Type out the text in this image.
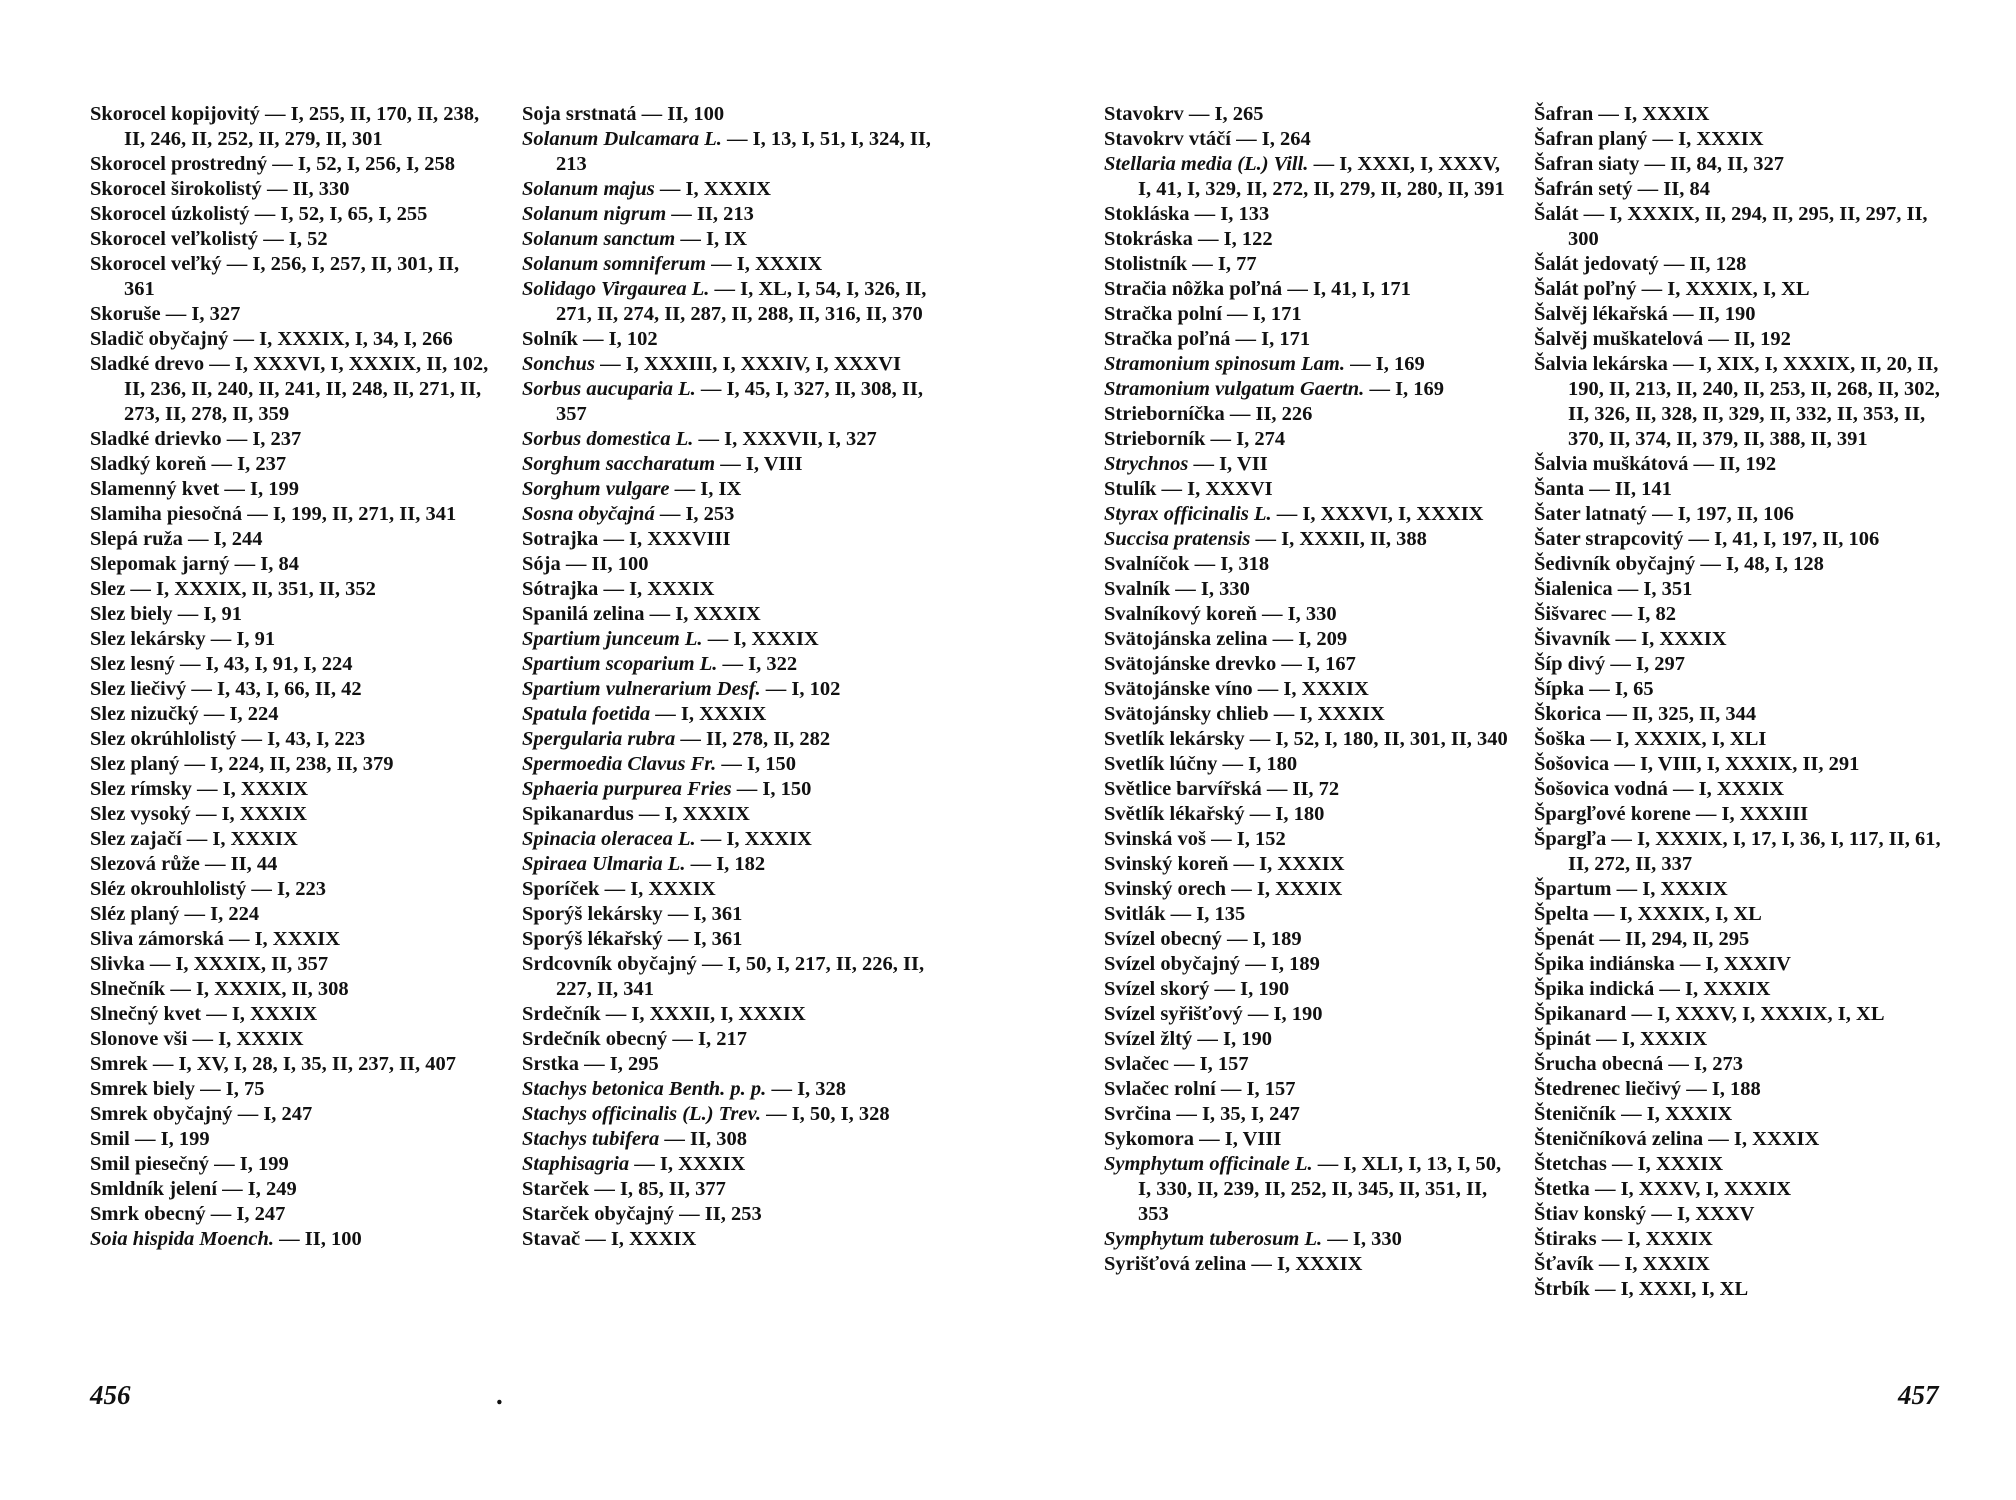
Skorocel kopijovitý — I, 255, II, 170, II, 238, II, 246, II, 252, II, 279, II, 301
Skorocel prostredný — I, 52, I, 256, I, 258
Skorocel širokolistý — II, 330
Skorocel úzkolistý — I, 52, I, 65, I, 255
Skorocel veľkolistý — I, 52
Skorocel veľký — I, 256, I, 257, II, 301, II, 361
Skoruše — I, 327
Sladič obyčajný — I, XXXIX, I, 34, I, 266
Sladké drevo — I, XXXVI, I, XXXIX, II, 102, II, 236, II, 240, II, 241, II, 248, II, 271, II, 273, II, 278, II, 359
Sladké drievko — I, 237
Sladký koreň — I, 237
Slamenný kvet — I, 199
Slamiha piesočná — I, 199, II, 271, II, 341
Slepá ruža — I, 244
Slepomak jarný — I, 84
Slez — I, XXXIX, II, 351, II, 352
Slez biely — I, 91
Slez lekársky — I, 91
Slez lesný — I, 43, I, 91, I, 224
Slez liečivý — I, 43, I, 66, II, 42
Slez nizučký — I, 224
Slez okrúhlolistý — I, 43, I, 223
Slez planý — I, 224, II, 238, II, 379
Slez rímsky — I, XXXIX
Slez vysoký — I, XXXIX
Slez zajačí — I, XXXIX
Slezová růže — II, 44
Sléz okrouhlolistý — I, 223
Sléz planý — I, 224
Sliva zámorská — I, XXXIX
Slivka — I, XXXIX, II, 357
Slnečník — I, XXXIX, II, 308
Slnečný kvet — I, XXXIX
Slonove vši — I, XXXIX
Smrek — I, XV, I, 28, I, 35, II, 237, II, 407
Smrek biely — I, 75
Smrek obyčajný — I, 247
Smil — I, 199
Smil piesečný — I, 199
Smldník jelení — I, 249
Smrk obecný — I, 247
Soia hispida Moench. — II, 100
Soja srstnatá — II, 100
Solanum Dulcamara L. — I, 13, I, 51, I, 324, II, 213
Solanum majus — I, XXXIX
Solanum nigrum — II, 213
Solanum sanctum — I, IX
Solanum somniferum — I, XXXIX
Solidago Virgaurea L. — I, XL, I, 54, I, 326, II, 271, II, 274, II, 287, II, 288, II, 316, II, 370
Solník — I, 102
Sonchus — I, XXXIII, I, XXXIV, I, XXXVI
Sorbus aucuparia L. — I, 45, I, 327, II, 308, II, 357
Sorbus domestica L. — I, XXXVII, I, 327
Sorghum saccharatum — I, VIII
Sorghum vulgare — I, IX
Sosna obyčajná — I, 253
Sotrajka — I, XXXVIII
Sója — II, 100
Sótrajka — I, XXXIX
Spanilá zelina — I, XXXIX
Spartium junceum L. — I, XXXIX
Spartium scoparium L. — I, 322
Spartium vulnerarium Desf. — I, 102
Spatula foetida — I, XXXIX
Spergularia rubra — II, 278, II, 282
Spermoedia Clavus Fr. — I, 150
Sphaeria purpurea Fries — I, 150
Spikanardus — I, XXXIX
Spinacia oleracea L. — I, XXXIX
Spiraea Ulmaria L. — I, 182
Sporíček — I, XXXIX
Sporýš lekársky — I, 361
Sporýš lékařský — I, 361
Srdcovník obyčajný — I, 50, I, 217, II, 226, II, 227, II, 341
Srdečník — I, XXXII, I, XXXIX
Srdečník obecný — I, 217
Srstka — I, 295
Stachys betonica Benth. p. p. — I, 328
Stachys officinalis (L.) Trev. — I, 50, I, 328
Stachys tubifera — II, 308
Staphisagria — I, XXXIX
Starček — I, 85, II, 377
Starček obyčajný — II, 253
Stavač — I, XXXIX
Stavokrv — I, 265
Stavokrv vtáčí — I, 264
Stellaria media (L.) Vill. — I, XXXI, I, XXXV, I, 41, I, 329, II, 272, II, 279, II, 280, II, 391
Stokláska — I, 133
Stokráska — I, 122
Stolistník — I, 77
Stračia nôžka poľná — I, 41, I, 171
Stračka polní — I, 171
Stračka poľná — I, 171
Stramonium spinosum Lam. — I, 169
Stramonium vulgatum Gaertn. — I, 169
Strieborníčka — II, 226
Strieborník — I, 274
Strychnos — I, VII
Stulík — I, XXXVI
Styrax officinalis L. — I, XXXVI, I, XXXIX
Succisa pratensis — I, XXXII, II, 388
Svalníčok — I, 318
Svalník — I, 330
Svalníkový koreň — I, 330
Svätojánska zelina — I, 209
Svätojánske drevko — I, 167
Svätojánske víno — I, XXXIX
Svätojánsky chlieb — I, XXXIX
Svetlík lekársky — I, 52, I, 180, II, 301, II, 340
Svetlík lúčny — I, 180
Světlice barvířská — II, 72
Světlík lékařský — I, 180
Svinská voš — I, 152
Svinský koreň — I, XXXIX
Svinský orech — I, XXXIX
Svitlák — I, 135
Svízel obecný — I, 189
Svízel obyčajný — I, 189
Svízel skorý — I, 190
Svízel syřišťový — I, 190
Svízel žltý — I, 190
Svlačec — I, 157
Svlačec rolní — I, 157
Svrčina — I, 35, I, 247
Sykomora — I, VIII
Symphytum officinale L. — I, XLI, I, 13, I, 50, I, 330, II, 239, II, 252, II, 345, II, 351, II, 353
Symphytum tuberosum L. — I, 330
Syrišťová zelina — I, XXXIX
Šafran — I, XXXIX
Šafran planý — I, XXXIX
Šafran siaty — II, 84, II, 327
Šafrán setý — II, 84
Šalát — I, XXXIX, II, 294, II, 295, II, 297, II, 300
Šalát jedovatý — II, 128
Šalát poľný — I, XXXIX, I, XL
Šalvěj lékařská — II, 190
Šalvěj muškatelová — II, 192
Šalvia lekárska — I, XIX, I, XXXIX, II, 20, II, 190, II, 213, II, 240, II, 253, II, 268, II, 302, II, 326, II, 328, II, 329, II, 332, II, 353, II, 370, II, 374, II, 379, II, 388, II, 391
Šalvia muškátová — II, 192
Šanta — II, 141
Šater latnatý — I, 197, II, 106
Šater strapcovitý — I, 41, I, 197, II, 106
Šedivník obyčajný — I, 48, I, 128
Šialenica — I, 351
Šišvarec — I, 82
Šivavník — I, XXXIX
Šíp divý — I, 297
Šípka — I, 65
Škorica — II, 325, II, 344
Šoška — I, XXXIX, I, XLI
Šošovica — I, VIII, I, XXXIX, II, 291
Šošovica vodná — I, XXXIX
Špargľové korene — I, XXXIII
Špargľa — I, XXXIX, I, 17, I, 36, I, 117, II, 61, II, 272, II, 337
Špartum — I, XXXIX
Špelta — I, XXXIX, I, XL
Špenát — II, 294, II, 295
Špika indiánska — I, XXXIV
Špika indická — I, XXXIX
Špikanard — I, XXXV, I, XXXIX, I, XL
Špinát — I, XXXIX
Šrucha obecná — I, 273
Štedrenec liečivý — I, 188
Šteničník — I, XXXIX
Šteničníková zelina — I, XXXIX
Štetchas — I, XXXIX
Štetka — I, XXXV, I, XXXIX
Štiav konský — I, XXXV
Štiraks — I, XXXIX
Šťavík — I, XXXIX
Štrbík — I, XXXI, I, XL
456	.	457
